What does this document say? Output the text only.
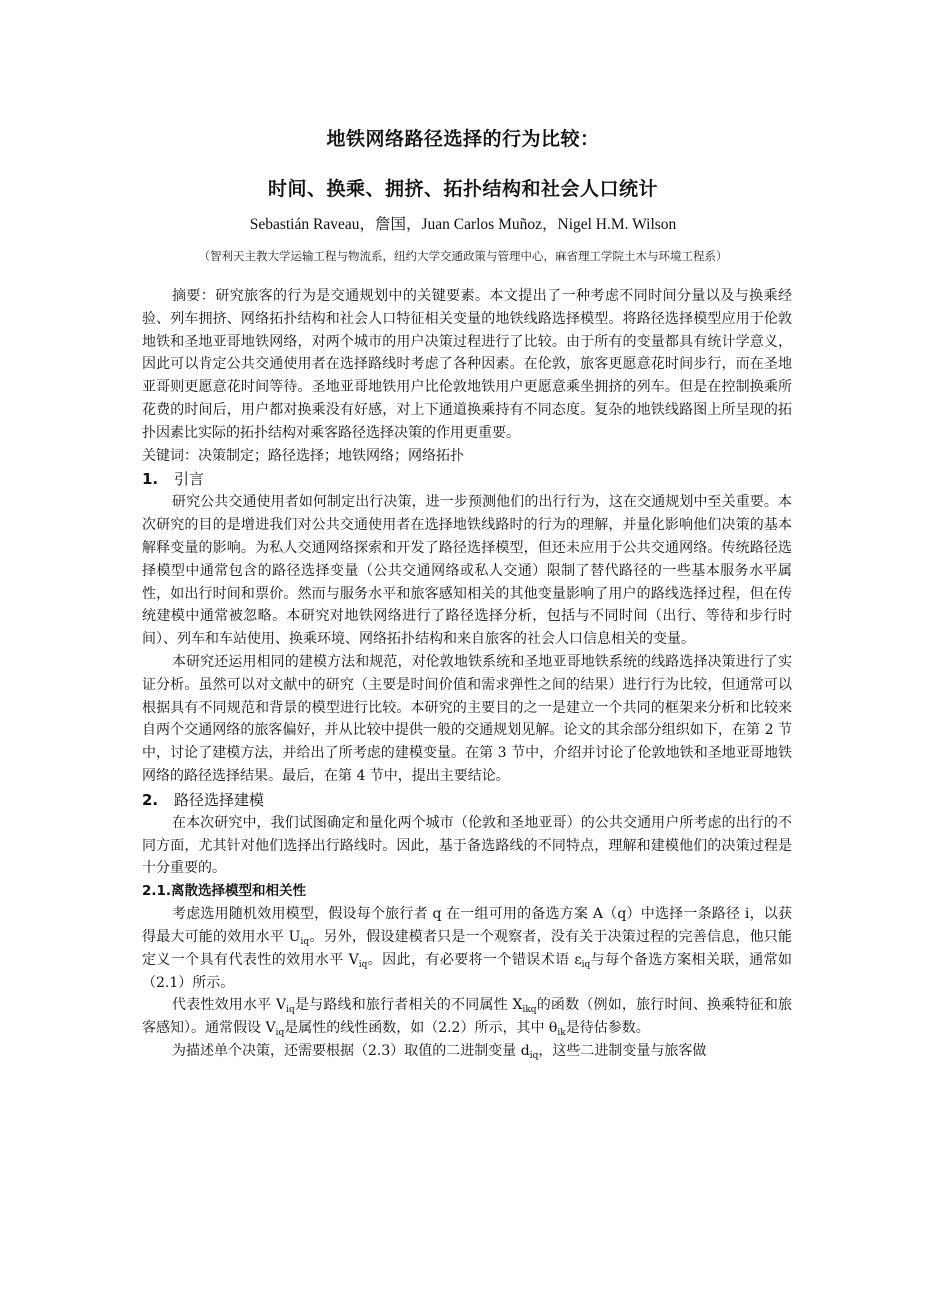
地铁网络路径选择的行为比较：
时间、换乘、拥挤、拓扑结构和社会人口统计
Sebastián Raveau，詹国，Juan Carlos Muñoz，Nigel H.M. Wilson
（智利天主教大学运输工程与物流系，纽约大学交通政策与管理中心，麻省理工学院土木与环境工程系）

摘要：研究旅客的行为是交通规划中的关键要素。本文提出了一种考虑不同时间分量以及与换乘经验、列车拥挤、网络拓扑结构和社会人口特征相关变量的地铁线路选择模型。将路径选择模型应用于伦敦地铁和圣地亚哥地铁网络，对两个城市的用户决策过程进行了比较。由于所有的变量都具有统计学意义，因此可以肯定公共交通使用者在选择路线时考虑了各种因素。在伦敦，旅客更愿意花时间步行，而在圣地亚哥则更愿意花时间等待。圣地亚哥地铁用户比伦敦地铁用户更愿意乘坐拥挤的列车。但是在控制换乘所花费的时间后，用户都对换乘没有好感，对上下通道换乘持有不同态度。复杂的地铁线路图上所呈现的拓扑因素比实际的拓扑结构对乘客路径选择决策的作用更重要。

关键词：决策制定；路径选择；地铁网络；网络拓扑

1. 引言

研究公共交通使用者如何制定出行决策，进一步预测他们的出行行为，这在交通规划中至关重要。本次研究的目的是增进我们对公共交通使用者在选择地铁线路时的行为的理解，并量化影响他们决策的基本解释变量的影响。为私人交通网络探索和开发了路径选择模型，但还未应用于公共交通网络。传统路径选择模型中通常包含的路径选择变量（公共交通网络或私人交通）限制了替代路径的一些基本服务水平属性，如出行时间和票价。然而与服务水平和旅客感知相关的其他变量影响了用户的路线选择过程，但在传统建模中通常被忽略。本研究对地铁网络进行了路径选择分析，包括与不同时间（出行、等待和步行时间）、列车和车站使用、换乘环境、网络拓扑结构和来自旅客的社会人口信息相关的变量。

本研究还运用相同的建模方法和规范，对伦敦地铁系统和圣地亚哥地铁系统的线路选择决策进行了实证分析。虽然可以对文献中的研究（主要是时间价值和需求弹性之间的结果）进行行为比较，但通常可以根据具有不同规范和背景的模型进行比较。本研究的主要目的之一是建立一个共同的框架来分析和比较来自两个交通网络的旅客偏好，并从比较中提供一般的交通规划见解。论文的其余部分组织如下，在第 2 节中，讨论了建模方法，并给出了所考虑的建模变量。在第 3 节中，介绍并讨论了伦敦地铁和圣地亚哥地铁网络的路径选择结果。最后，在第 4 节中，提出主要结论。

2. 路径选择建模

在本次研究中，我们试图确定和量化两个城市（伦敦和圣地亚哥）的公共交通用户所考虑的出行的不同方面，尤其针对他们选择出行路线时。因此，基于备选路线的不同特点，理解和建模他们的决策过程是十分重要的。

2.1.离散选择模型和相关性

考虑选用随机效用模型，假设每个旅行者 q 在一组可用的备选方案 A（q）中选择一条路径 i，以获得最大可能的效用水平 $U_{iq}$。另外，假设建模者只是一个观察者，没有关于决策过程的完善信息，他只能定义一个具有代表性的效用水平 $V_{iq}$。因此，有必要将一个错误术语 $\varepsilon_{iq}$与每个备选方案相关联，通常如（2.1）所示。

代表性效用水平 $V_{iq}$是与路线和旅行者相关的不同属性 $X_{ikq}$的函数（例如，旅行时间、换乘特征和旅客感知）。通常假设 $V_{iq}$是属性的线性函数，如（2.2）所示，其中 $\theta_{ik}$是待估参数。

为描述单个决策，还需要根据（2.3）取值的二进制变量 $d_{iq}$，这些二进制变量与旅客做
